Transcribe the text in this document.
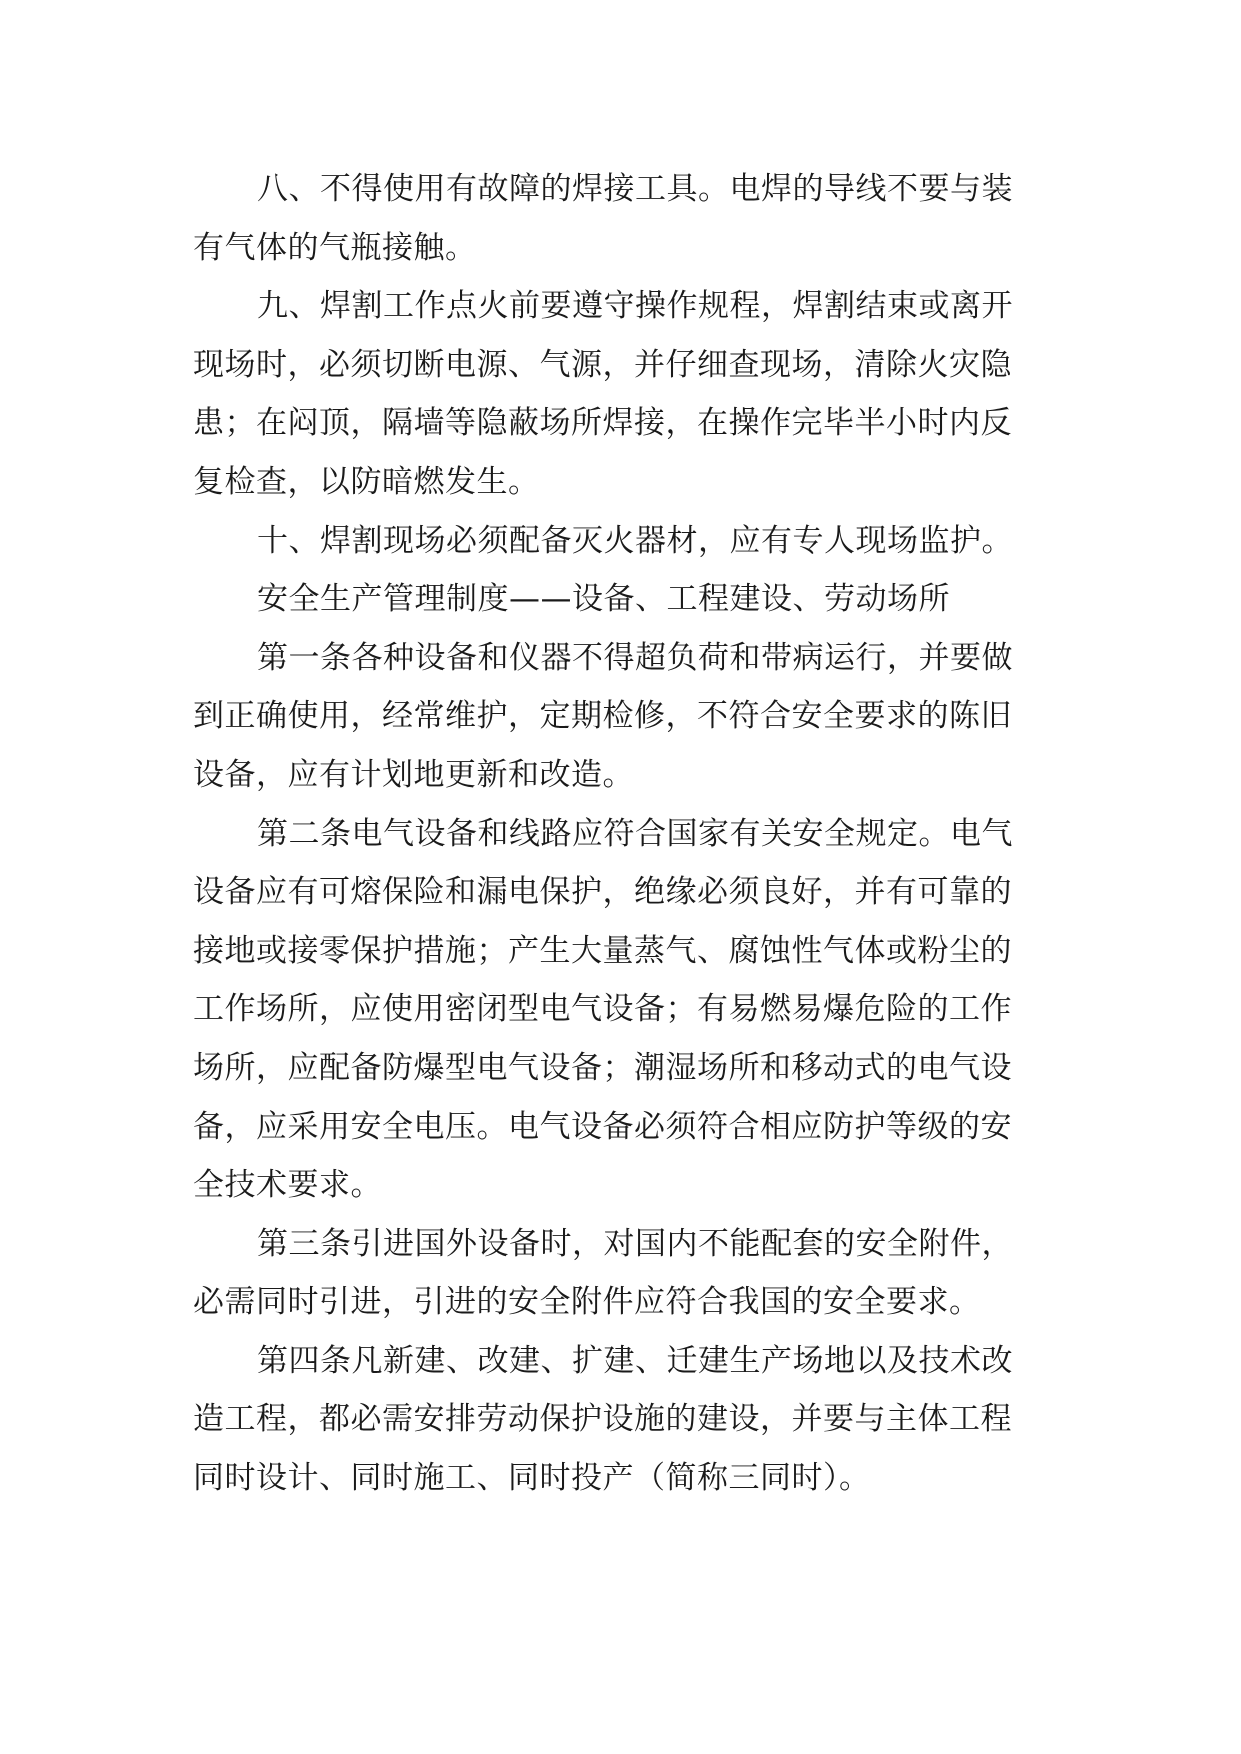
八、不得使用有故障的焊接工具。电焊的导线不要与装
有气体的气瓶接触。
九、焊割工作点火前要遵守操作规程，焊割结束或离开
现场时，必须切断电源、气源，并仔细查现场，清除火灾隐
患；在闷顶，隔墙等隐蔽场所焊接，在操作完毕半小时内反
复检查，以防暗燃发生。
十、焊割现场必须配备灭火器材，应有专人现场监护。
安全生产管理制度——设备、工程建设、劳动场所
第一条各种设备和仪器不得超负荷和带病运行，并要做
到正确使用，经常维护，定期检修，不符合安全要求的陈旧
设备，应有计划地更新和改造。
第二条电气设备和线路应符合国家有关安全规定。电气
设备应有可熔保险和漏电保护，绝缘必须良好，并有可靠的
接地或接零保护措施；产生大量蒸气、腐蚀性气体或粉尘的
工作场所，应使用密闭型电气设备；有易燃易爆危险的工作
场所，应配备防爆型电气设备；潮湿场所和移动式的电气设
备，应采用安全电压。电气设备必须符合相应防护等级的安
全技术要求。
第三条引进国外设备时，对国内不能配套的安全附件，
必需同时引进，引进的安全附件应符合我国的安全要求。
第四条凡新建、改建、扩建、迁建生产场地以及技术改
造工程，都必需安排劳动保护设施的建设，并要与主体工程
同时设计、同时施工、同时投产（简称三同时）。
